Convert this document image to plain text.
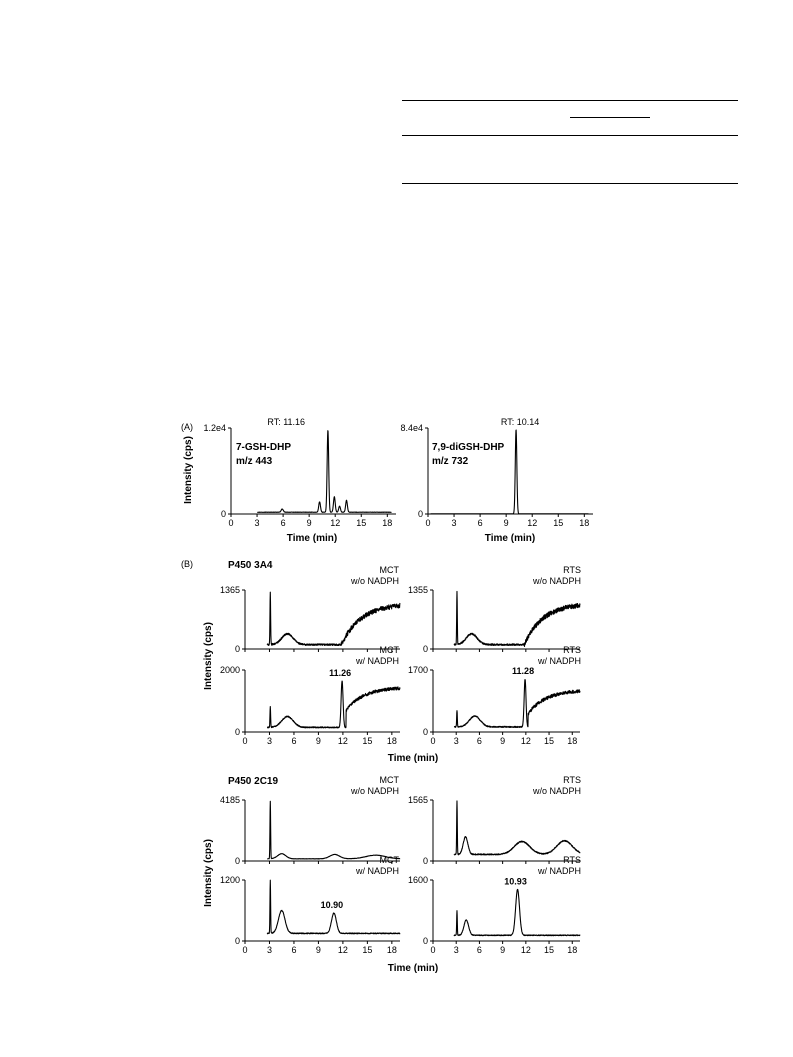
(A)
(B)	P450 3A4
P450 2C19
7-GSH-DHP
m/z 443
7,9-diGSH-DHP
m/z 732
Intensity (cps)
Intensity (cps)
Intensity (cps)
Time (min)	Time (min)
Time (min)
Time (min)
0
1.2e4
0 3 6 9 12 15 18
RT: 11.16
0
8.4e4
0 3 6 9 12 15 18
RT: 10.14
0
1365
MCT
w/o NADPH
0
1355
RTS
w/o NADPH
0
2000
0 3 6 9 12 15 18
MCT
w/ NADPH
11.26
0
1700
0 3 6 9 12 15 18
RTS
w/ NADPH
11.28
0
4185
MCT
w/o NADPH
0
1565
RTS
w/o NADPH
0
1200
0 3 6 9 12 15 18
MCT
w/ NADPH
10.90
0
1600
0 3 6 9 12 15 18
RTS
w/ NADPH
10.93
